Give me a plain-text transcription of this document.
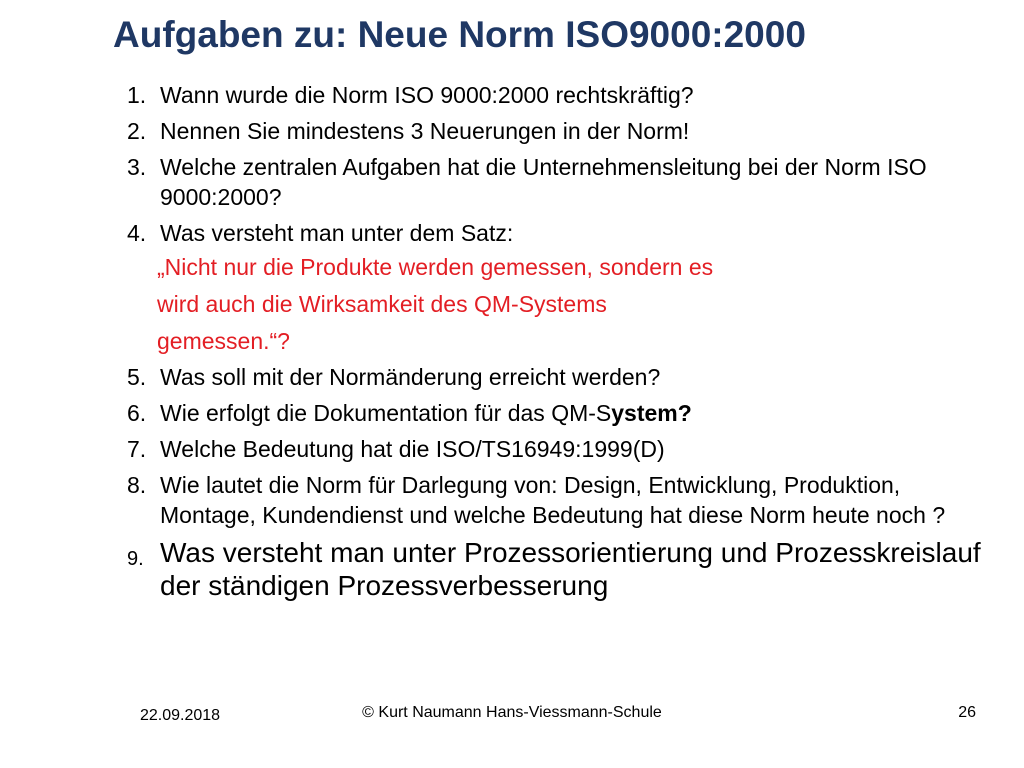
Aufgaben zu: Neue Norm ISO9000:2000
1. Wann wurde die Norm ISO 9000:2000 rechtskräftig?
2. Nennen Sie mindestens 3 Neuerungen in der Norm!
3. Welche zentralen Aufgaben hat die Unternehmensleitung bei der Norm ISO 9000:2000?
4. Was versteht man unter dem Satz:
„Nicht nur die Produkte werden gemessen, sondern es
wird auch die Wirksamkeit des QM-Systems
gemessen.“?
5. Was soll mit der Normänderung erreicht werden?
6. Wie erfolgt die Dokumentation für das QM-System?
7. Welche Bedeutung hat die ISO/TS16949:1999(D)
8. Wie lautet die Norm für Darlegung von: Design, Entwicklung, Produktion, Montage, Kundendienst und welche Bedeutung hat diese Norm heute noch ?
9. Was versteht man unter Prozessorientierung und Prozesskreislauf der ständigen Prozessverbesserung
22.09.2018	© Kurt Naumann Hans-Viessmann-Schule	26
